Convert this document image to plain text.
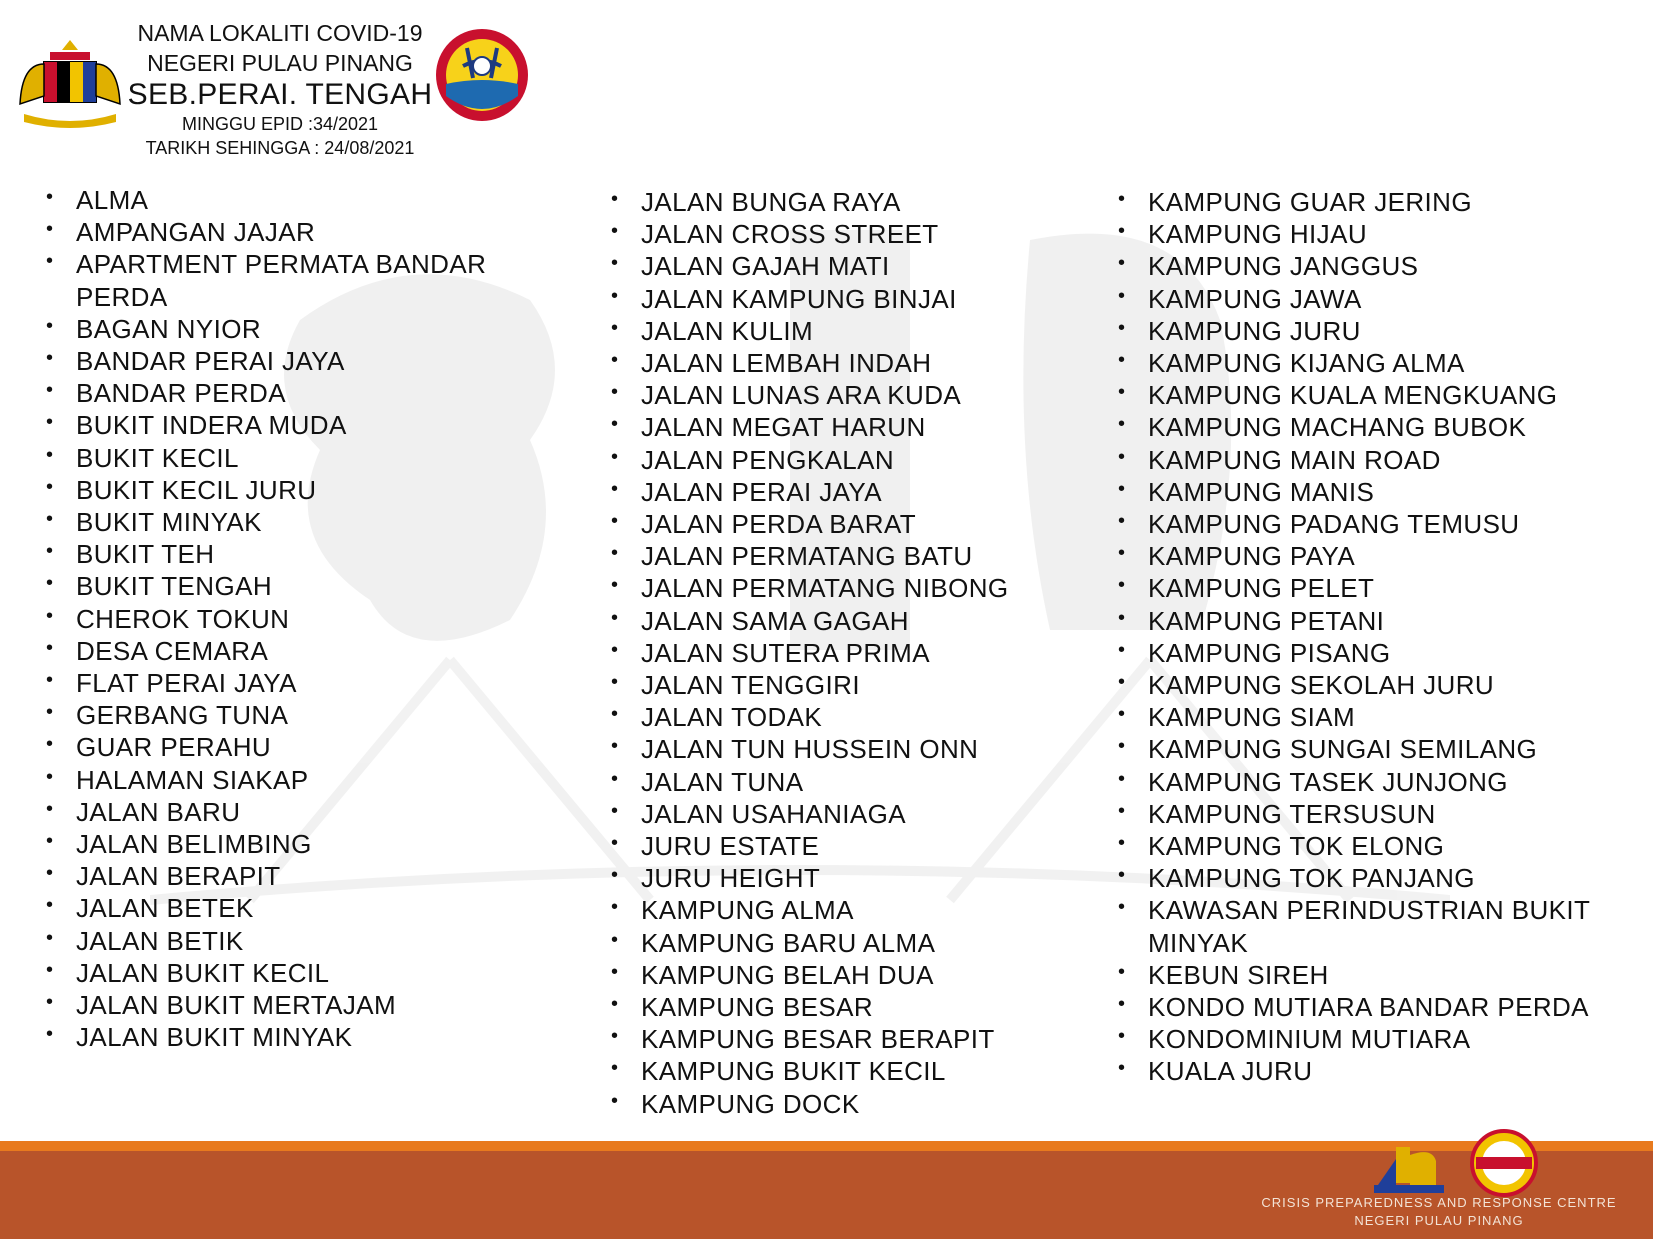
NAMA LOKALITI COVID-19
NEGERI PULAU PINANG
SEB.PERAI. TENGAH
MINGGU EPID :34/2021
TARIKH SEHINGGA : 24/08/2021
• ALMA
• AMPANGAN JAJAR
• APARTMENT PERMATA BANDAR PERDA
• BAGAN NYIOR
• BANDAR PERAI JAYA
• BANDAR PERDA
• BUKIT INDERA MUDA
• BUKIT KECIL
• BUKIT KECIL JURU
• BUKIT MINYAK
• BUKIT TEH
• BUKIT TENGAH
• CHEROK TOKUN
• DESA CEMARA
• FLAT PERAI JAYA
• GERBANG TUNA
• GUAR PERAHU
• HALAMAN SIAKAP
• JALAN BARU
• JALAN BELIMBING
• JALAN BERAPIT
• JALAN BETEK
• JALAN BETIK
• JALAN BUKIT KECIL
• JALAN BUKIT MERTAJAM
• JALAN BUKIT MINYAK
• JALAN BUNGA RAYA
• JALAN CROSS STREET
• JALAN GAJAH MATI
• JALAN KAMPUNG BINJAI
• JALAN KULIM
• JALAN LEMBAH INDAH
• JALAN LUNAS ARA KUDA
• JALAN MEGAT HARUN
• JALAN PENGKALAN
• JALAN PERAI JAYA
• JALAN PERDA BARAT
• JALAN PERMATANG BATU
• JALAN PERMATANG NIBONG
• JALAN SAMA GAGAH
• JALAN SUTERA PRIMA
• JALAN TENGGIRI
• JALAN TODAK
• JALAN TUN HUSSEIN ONN
• JALAN TUNA
• JALAN USAHANIAGA
• JURU ESTATE
• JURU HEIGHT
• KAMPUNG ALMA
• KAMPUNG BARU ALMA
• KAMPUNG BELAH DUA
• KAMPUNG BESAR
• KAMPUNG BESAR BERAPIT
• KAMPUNG BUKIT KECIL
• KAMPUNG DOCK
• KAMPUNG GUAR JERING
• KAMPUNG HIJAU
• KAMPUNG JANGGUS
• KAMPUNG JAWA
• KAMPUNG JURU
• KAMPUNG KIJANG ALMA
• KAMPUNG KUALA MENGKUANG
• KAMPUNG MACHANG BUBOK
• KAMPUNG MAIN ROAD
• KAMPUNG MANIS
• KAMPUNG PADANG TEMUSU
• KAMPUNG PAYA
• KAMPUNG PELET
• KAMPUNG PETANI
• KAMPUNG PISANG
• KAMPUNG SEKOLAH JURU
• KAMPUNG SIAM
• KAMPUNG SUNGAI SEMILANG
• KAMPUNG TASEK JUNJONG
• KAMPUNG TERSUSUN
• KAMPUNG TOK ELONG
• KAMPUNG TOK PANJANG
• KAWASAN PERINDUSTRIAN BUKIT MINYAK
• KEBUN SIREH
• KONDO MUTIARA BANDAR PERDA
• KONDOMINIUM MUTIARA
• KUALA JURU
CRISIS PREPAREDNESS AND RESPONSE CENTRE
NEGERI PULAU PINANG
